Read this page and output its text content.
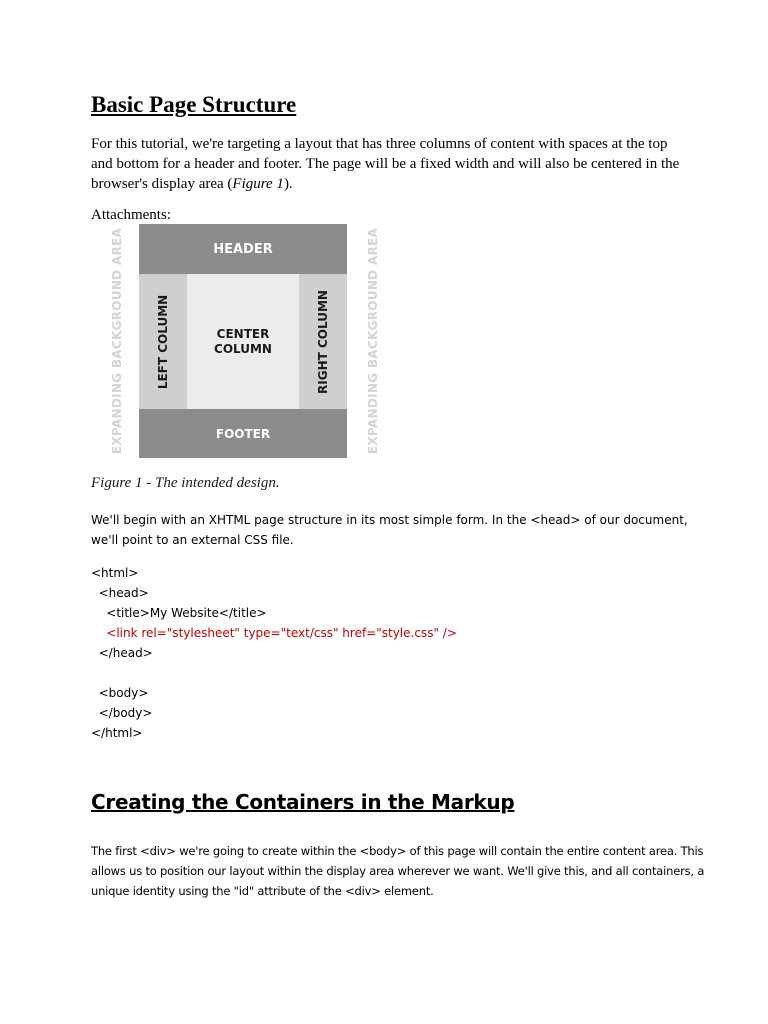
Basic Page Structure

For this tutorial, we're targeting a layout that has three columns of content with spaces at the top and bottom for a header and footer. The page will be a fixed width and will also be centered in the browser's display area (Figure 1).

Attachments:

EXPANDING BACKGROUND AREA	HEADER
LEFT COLUMN	CENTER
COLUMN	RIGHT COLUMN
FOOTER	EXPANDING BACKGROUND AREA

Figure 1 - The intended design.

We'll begin with an XHTML page structure in its most simple form. In the <head> of our document, we'll point to an external CSS file.

<html>
<head>
<title>My Website</title>
<link rel="stylesheet" type="text/css" href="style.css" />
</head>
<body>
</body>
</html>
Creating the Containers in the Markup

The first <div> we're going to create within the <body> of this page will contain the entire content area. This allows us to position our layout within the display area wherever we want. We'll give this, and all containers, a unique identity using the "id" attribute of the <div> element.
